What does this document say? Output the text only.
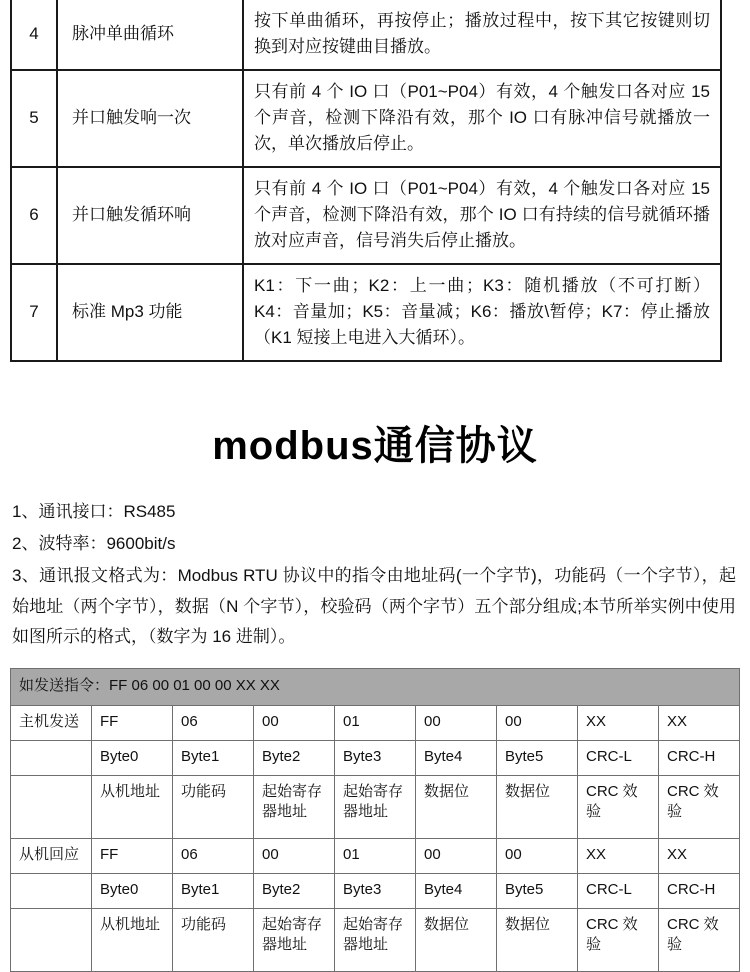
4	脉冲单曲循环	按下单曲循环，再按停止；播放过程中，按下其它按键则切换到对应按键曲目播放。
5	并口触发响一次	只有前 4 个 IO 口（P01~P04）有效，4 个触发口各对应 15 个声音，检测下降沿有效，那个 IO 口有脉冲信号就播放一次，单次播放后停止。
6	并口触发循环响	只有前 4 个 IO 口（P01~P04）有效，4 个触发口各对应 15 个声音，检测下降沿有效，那个 IO 口有持续的信号就循环播放对应声音，信号消失后停止播放。
7	标准 Mp3 功能	K1：下一曲；K2：上一曲；K3：随机播放（不可打断）K4：音量加；K5：音量减；K6：播放\暂停；K7：停止播放 （K1 短接上电进入大循环）。
modbus通信协议
1、通讯接口：RS485
2、波特率：9600bit/s
3、通讯报文格式为：Modbus RTU 协议中的指令由地址码(一个字节)，功能码（一个字节），起始地址（两个字节），数据（N 个字节），校验码（两个字节）五个部分组成;本节所举实例中使用如图所示的格式，（数字为 16 进制）。
如发送指令：FF 06 00 01 00 00 XX XX								
主机发送	FF	06	00	01	00	00	XX	XX
	Byte0	Byte1	Byte2	Byte3	Byte4	Byte5	CRC-L	CRC-H
	从机地址	功能码	起始寄存器地址	起始寄存器地址	数据位	数据位	CRC 效验	CRC 效验
从机回应	FF	06	00	01	00	00	XX	XX
	Byte0	Byte1	Byte2	Byte3	Byte4	Byte5	CRC-L	CRC-H
	从机地址	功能码	起始寄存器地址	起始寄存器地址	数据位	数据位	CRC 效验	CRC 效验
